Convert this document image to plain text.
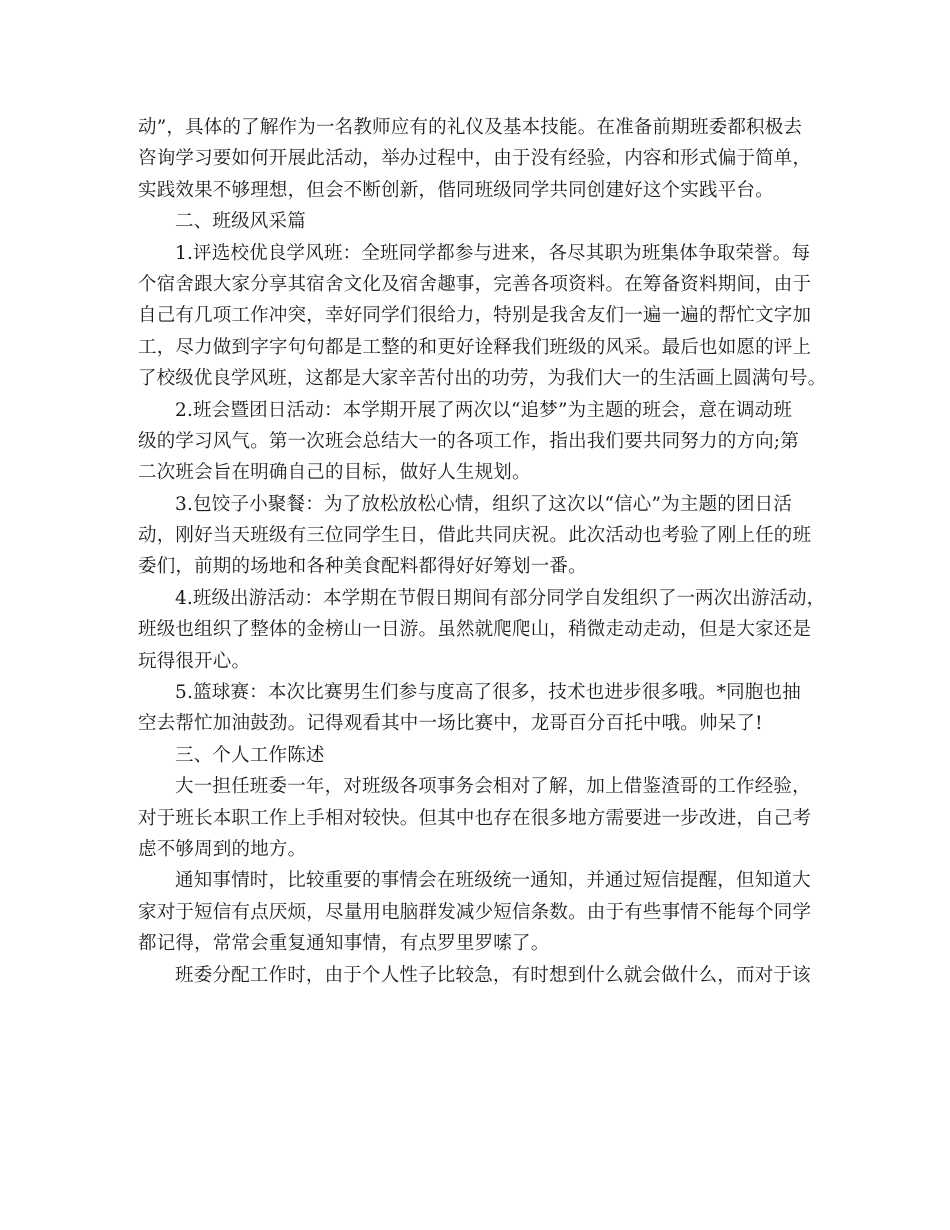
动”，具体的了解作为一名教师应有的礼仪及基本技能。在准备前期班委都积极去
咨询学习要如何开展此活动，举办过程中，由于没有经验，内容和形式偏于简单，
实践效果不够理想，但会不断创新，偕同班级同学共同创建好这个实践平台。
二、班级风采篇
1.评选校优良学风班：全班同学都参与进来，各尽其职为班集体争取荣誉。每
个宿舍跟大家分享其宿舍文化及宿舍趣事，完善各项资料。在筹备资料期间，由于
自己有几项工作冲突，幸好同学们很给力，特别是我舍友们一遍一遍的帮忙文字加
工，尽力做到字字句句都是工整的和更好诠释我们班级的风采。最后也如愿的评上
了校级优良学风班，这都是大家辛苦付出的功劳，为我们大一的生活画上圆满句号。
2.班会暨团日活动：本学期开展了两次以“追梦”为主题的班会，意在调动班
级的学习风气。第一次班会总结大一的各项工作，指出我们要共同努力的方向;第
二次班会旨在明确自己的目标，做好人生规划。
3.包饺子小聚餐：为了放松放松心情，组织了这次以“信心”为主题的团日活
动，刚好当天班级有三位同学生日，借此共同庆祝。此次活动也考验了刚上任的班
委们，前期的场地和各种美食配料都得好好筹划一番。
4.班级出游活动：本学期在节假日期间有部分同学自发组织了一两次出游活动，
班级也组织了整体的金榜山一日游。虽然就爬爬山，稍微走动走动，但是大家还是
玩得很开心。
5.篮球赛：本次比赛男生们参与度高了很多，技术也进步很多哦。*同胞也抽
空去帮忙加油鼓劲。记得观看其中一场比赛中，龙哥百分百托中哦。帅呆了!
三、个人工作陈述
大一担任班委一年，对班级各项事务会相对了解，加上借鉴渣哥的工作经验，
对于班长本职工作上手相对较快。但其中也存在很多地方需要进一步改进，自己考
虑不够周到的地方。
通知事情时，比较重要的事情会在班级统一通知，并通过短信提醒，但知道大
家对于短信有点厌烦，尽量用电脑群发减少短信条数。由于有些事情不能每个同学
都记得，常常会重复通知事情，有点罗里罗嗦了。
班委分配工作时，由于个人性子比较急，有时想到什么就会做什么，而对于该
